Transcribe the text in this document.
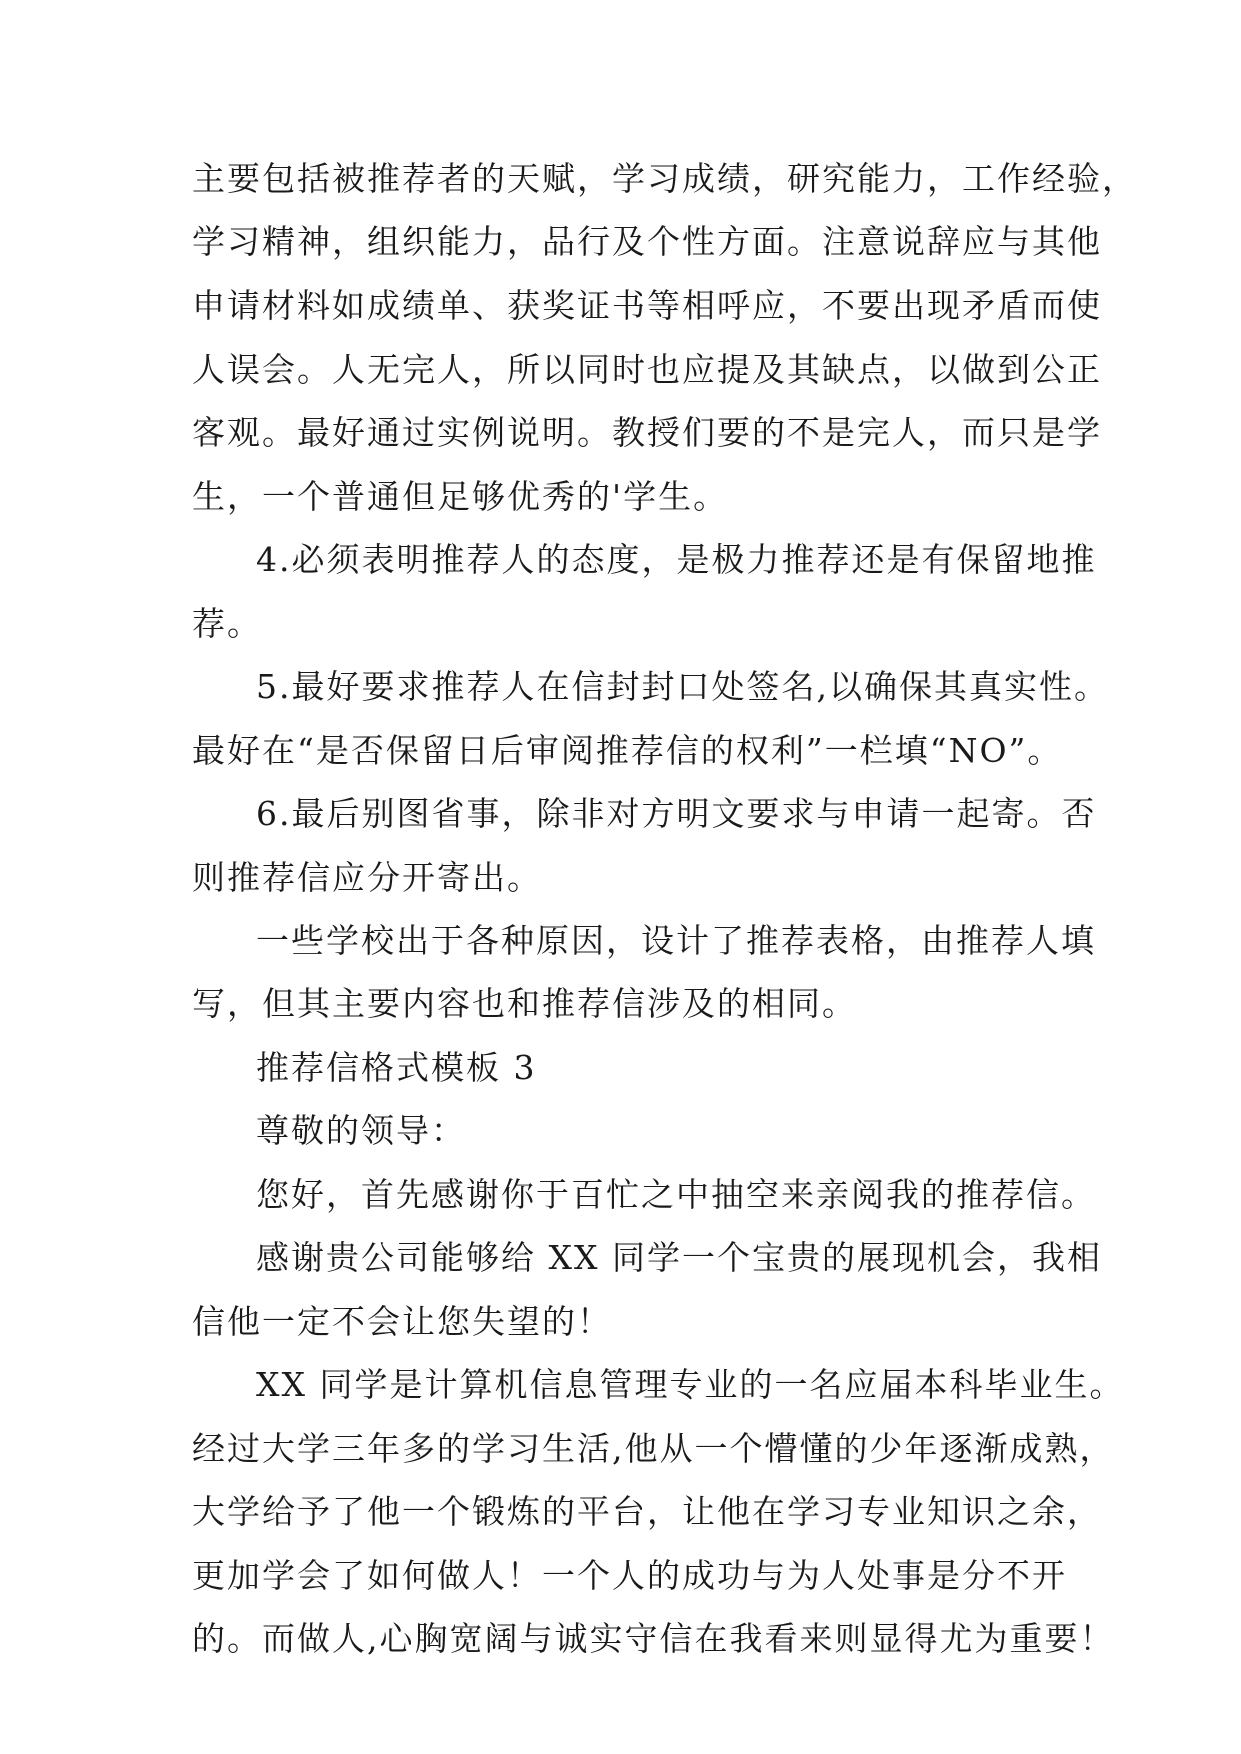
主要包括被推荐者的天赋，学习成绩，研究能力，工作经验，
学习精神，组织能力，品行及个性方面。注意说辞应与其他
申请材料如成绩单、获奖证书等相呼应，不要出现矛盾而使
人误会。人无完人，所以同时也应提及其缺点，以做到公正
客观。最好通过实例说明。教授们要的不是完人，而只是学
生，一个普通但足够优秀的'学生。
4.必须表明推荐人的态度，是极力推荐还是有保留地推
荐。
5.最好要求推荐人在信封封口处签名,以确保其真实性。
最好在“是否保留日后审阅推荐信的权利”一栏填“NO”。
6.最后别图省事，除非对方明文要求与申请一起寄。否
则推荐信应分开寄出。
一些学校出于各种原因，设计了推荐表格，由推荐人填
写，但其主要内容也和推荐信涉及的相同。
推荐信格式模板 3
尊敬的领导：
您好，首先感谢你于百忙之中抽空来亲阅我的推荐信。
感谢贵公司能够给 XX 同学一个宝贵的展现机会，我相
信他一定不会让您失望的！
XX 同学是计算机信息管理专业的一名应届本科毕业生。
经过大学三年多的学习生活,他从一个懵懂的少年逐渐成熟，
大学给予了他一个锻炼的平台，让他在学习专业知识之余，
更加学会了如何做人！一个人的成功与为人处事是分不开
的。而做人,心胸宽阔与诚实守信在我看来则显得尤为重要！
